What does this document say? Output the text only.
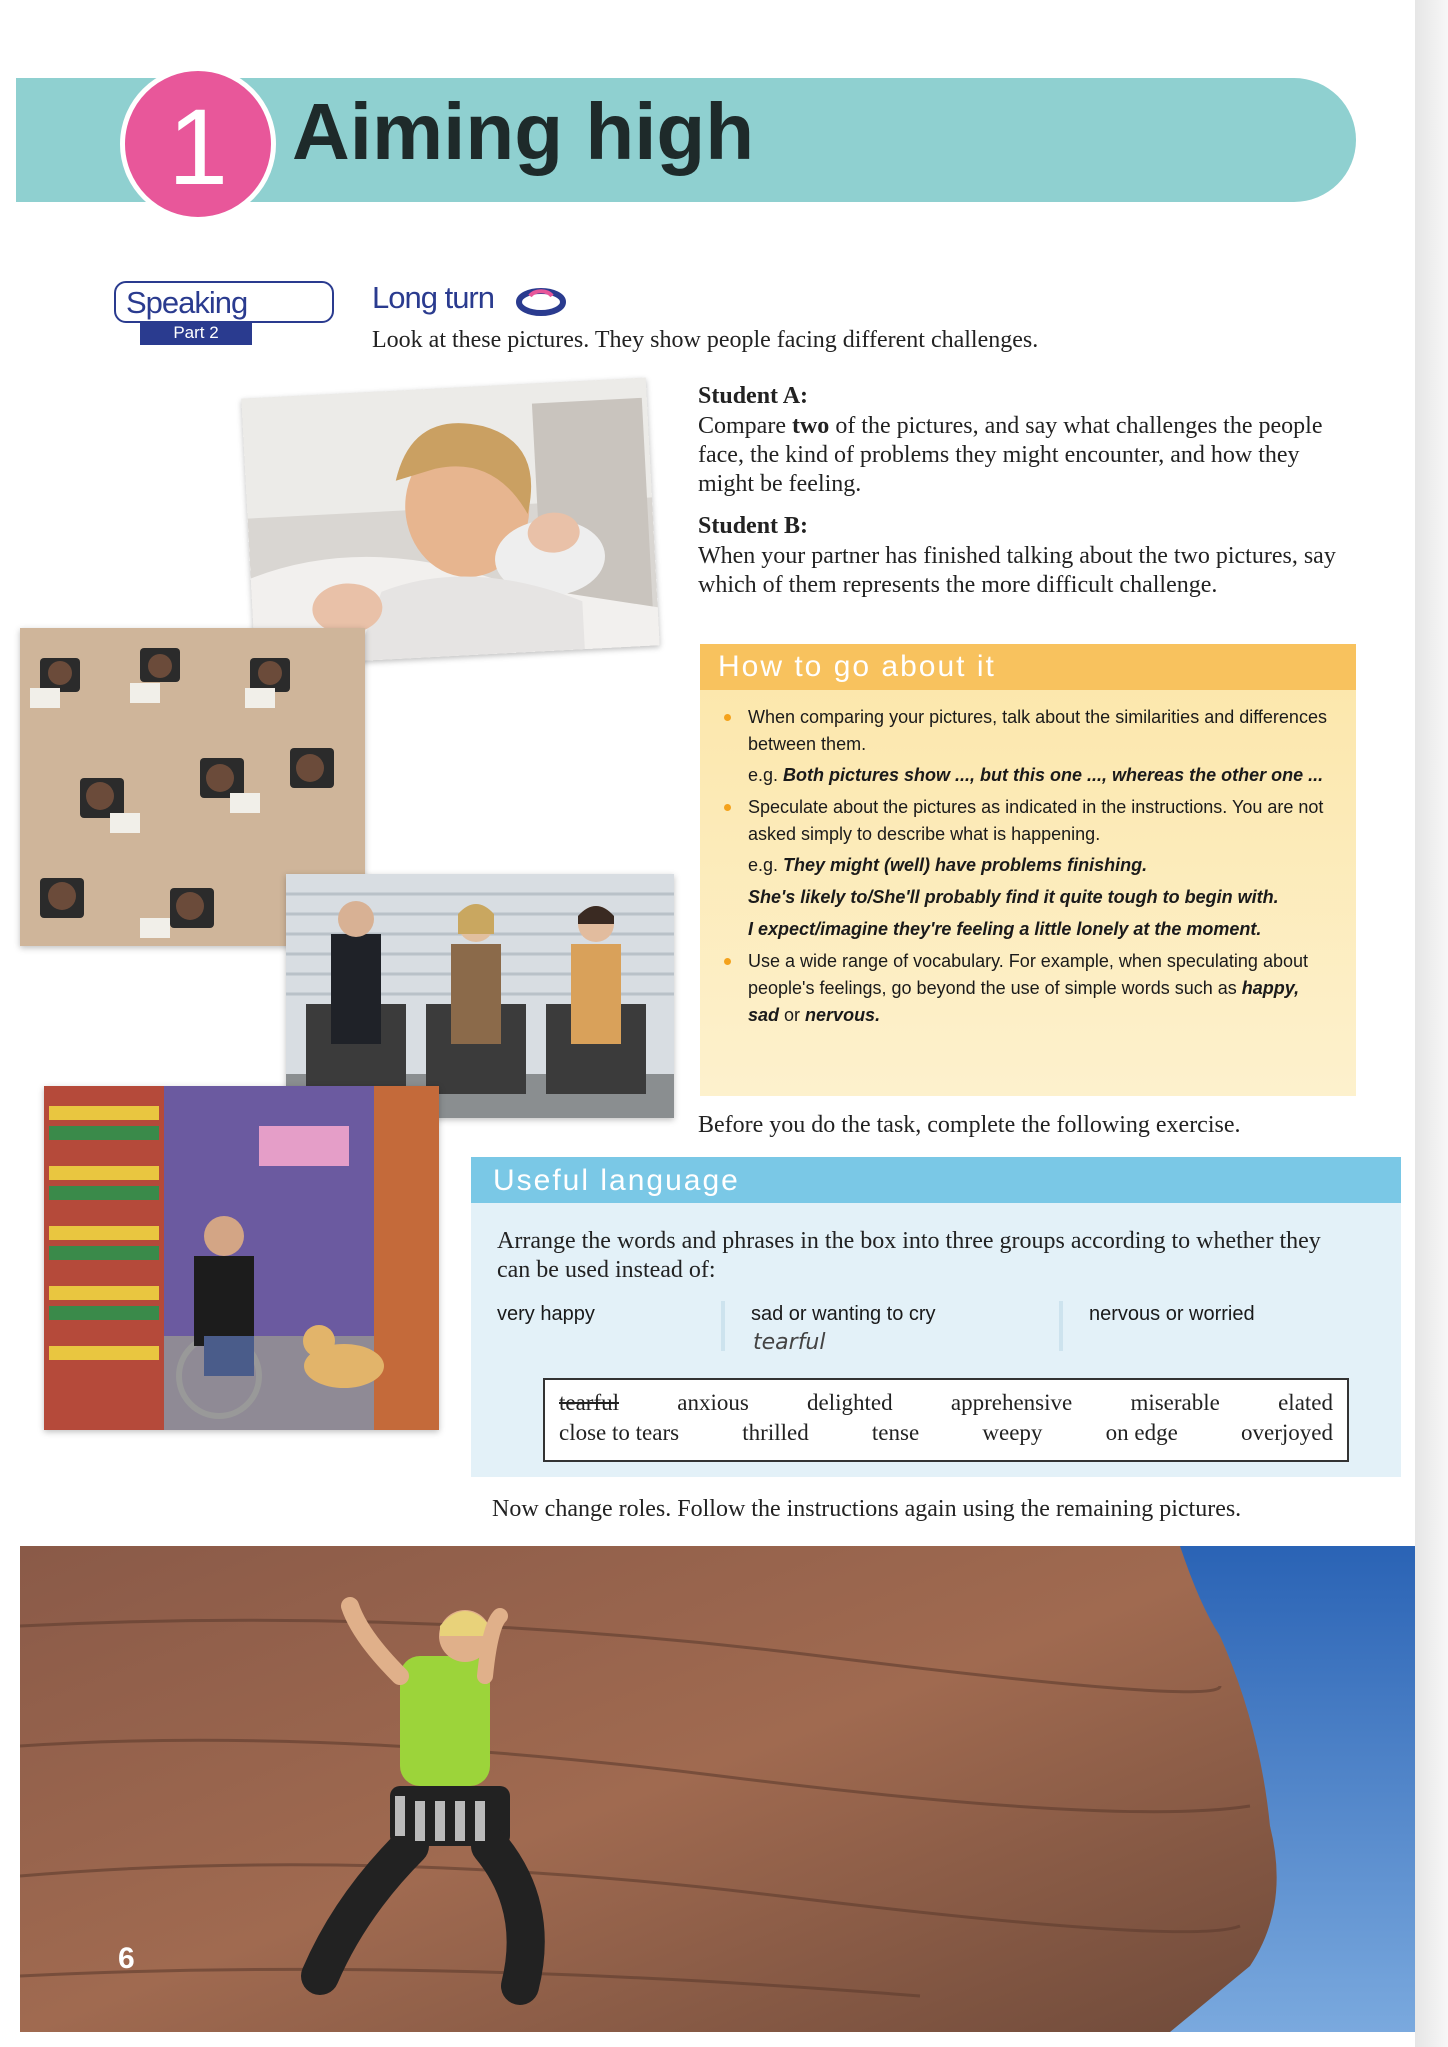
1 Aiming high
Speaking
Part 2
Long turn
Look at these pictures. They show people facing different challenges.
Student A:
Compare two of the pictures, and say what challenges the people face, the kind of problems they might encounter, and how they might be feeling.
Student B:
When your partner has finished talking about the two pictures, say which of them represents the more difficult challenge.
How to go about it
When comparing your pictures, talk about the similarities and differences between them.
e.g. Both pictures show ..., but this one ..., whereas the other one ...
Speculate about the pictures as indicated in the instructions. You are not asked simply to describe what is happening.
e.g. They might (well) have problems finishing.
She's likely to/She'll probably find it quite tough to begin with.
I expect/imagine they're feeling a little lonely at the moment.
Use a wide range of vocabulary. For example, when speculating about people's feelings, go beyond the use of simple words such as happy, sad or nervous.
Before you do the task, complete the following exercise.
Useful language
Arrange the words and phrases in the box into three groups according to whether they can be used instead of:
very happy	sad or wanting to cry
tearful
nervous or worried
tearful	anxious	delighted	apprehensive	miserable	elated
close to tears	thrilled	tense	weepy	on edge	overjoyed
Now change roles. Follow the instructions again using the remaining pictures.
6
